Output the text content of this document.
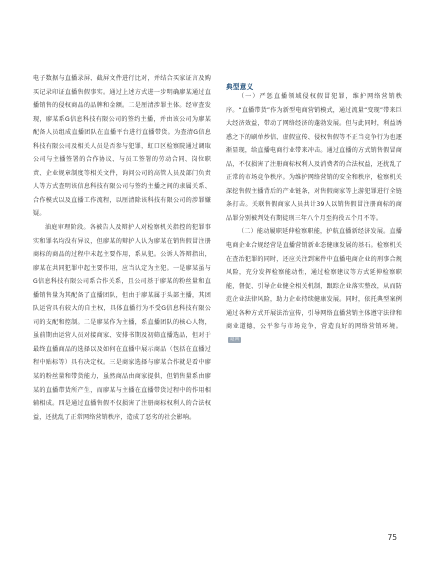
电子数据与直播录屏、截屏文件进行比对，并结合买家证言及购买记录印证直播售假事实。通过上述方式进一步明确廖某通过直播销售的侵权商品的品牌和金额。二是厘清涉罪主体。经审查发现，廖某系G信息科技有限公司的签约主播，并由该公司为廖某配备人员组成直播团队在直播平台进行直播带货。为查清G信息科技有限公司及相关人员是否参与犯罪，虹口区检察院通过调取公司与主播签署的合作协议、与员工签署的劳动合同、岗位职责、企业规章制度等相关文件，询问公司的高管人员及部门负责人等方式查明该信息科技有限公司与签约主播之间的隶属关系、合作模式以及直播工作流程，以厘清除该科技有限公司的涉罪嫌疑。

油庭审理阶段。各被告人及辩护人对检察机关指控的犯罪事实和罪名均没有异议，但廖某的辩护人认为廖某在销售假冒注册商标的商品的过程中未起主要作用，系从犯。公诉人答辩指出，廖某在共同犯罪中起主要作用，应当认定为主犯。一是廖某虽与G信息科技有限公司系合作关系，且公司基于廖某的粉丝量和直播销售量为其配备了直播团队，但由于廖某属于头部主播，其团队运营具有较大的自主权，具体直播行为不受G信息科技有限公司的支配和控制。二是廖某作为主播，系直播团队的核心人物，虽前期由运营人员对接商家、安排书期及初筛直播选品，但对于最终直播商品的选择以及如何在直播中展示商品（包括在直播过程中贴标等）具有决定权。三是商家选择与廖某合作就是看中廖某的粉丝量和带货能力，虽然商品由商家提供，但销售量系由廖某的直播带货所产生，而廖某与主播在直播带货过程中的作用相辅相成。四是通过直播售假不仅损害了注册商标权利人的合法权益，还扰乱了正常网络营销秩序，造成了恶劣的社会影响。

典型意义

（一）严惩直播领域侵权假冒犯罪，维护网络营销秩序。“直播带货”作为新型电商营销模式，通过流量“变现”带来巨大经济效益，带动了网络经济的蓬勃发展。但与此同时，利益诱惑之下的刷单炒信、虚假宣传、侵权售假等不正当竞争行为也逐渐显现，给直播电商行业带来冲击。通过直播的方式销售假冒商品，不仅损害了注册商标权利人及消费者的合法权益，还扰乱了正常的市场竞争秩序。为维护网络营销的安全和秩序，检察机关深挖售假主播背后的产业链条，对售假商家等上游犯罪进行全链条打击。关联售假商家人员共计39人以销售假冒注册商标的商品罪分别被判处有期徒刑三年八个月至拘役五个月不等。

（二）能动履职延伸检察职能，护航直播新经济发展。直播电商企业合规经营是直播营销新业态健康发展的基石。检察机关在查治犯罪的同时，还应关注到案件中直播电商企业的刑事合规风险，充分发挥检察能动性，通过检察建议等方式延伸检察职能，督促、引导企业健全相关机制，跟踪企业落实整改，从而防范企业法律风险，助力企业持续健康发展。同时，依托典型案例通过各种方式开展法治宣传，引导网络直播营销主体遵守法律和商业道德，公平参与市场竞争，营造良好的网络营销环境。返回

75
